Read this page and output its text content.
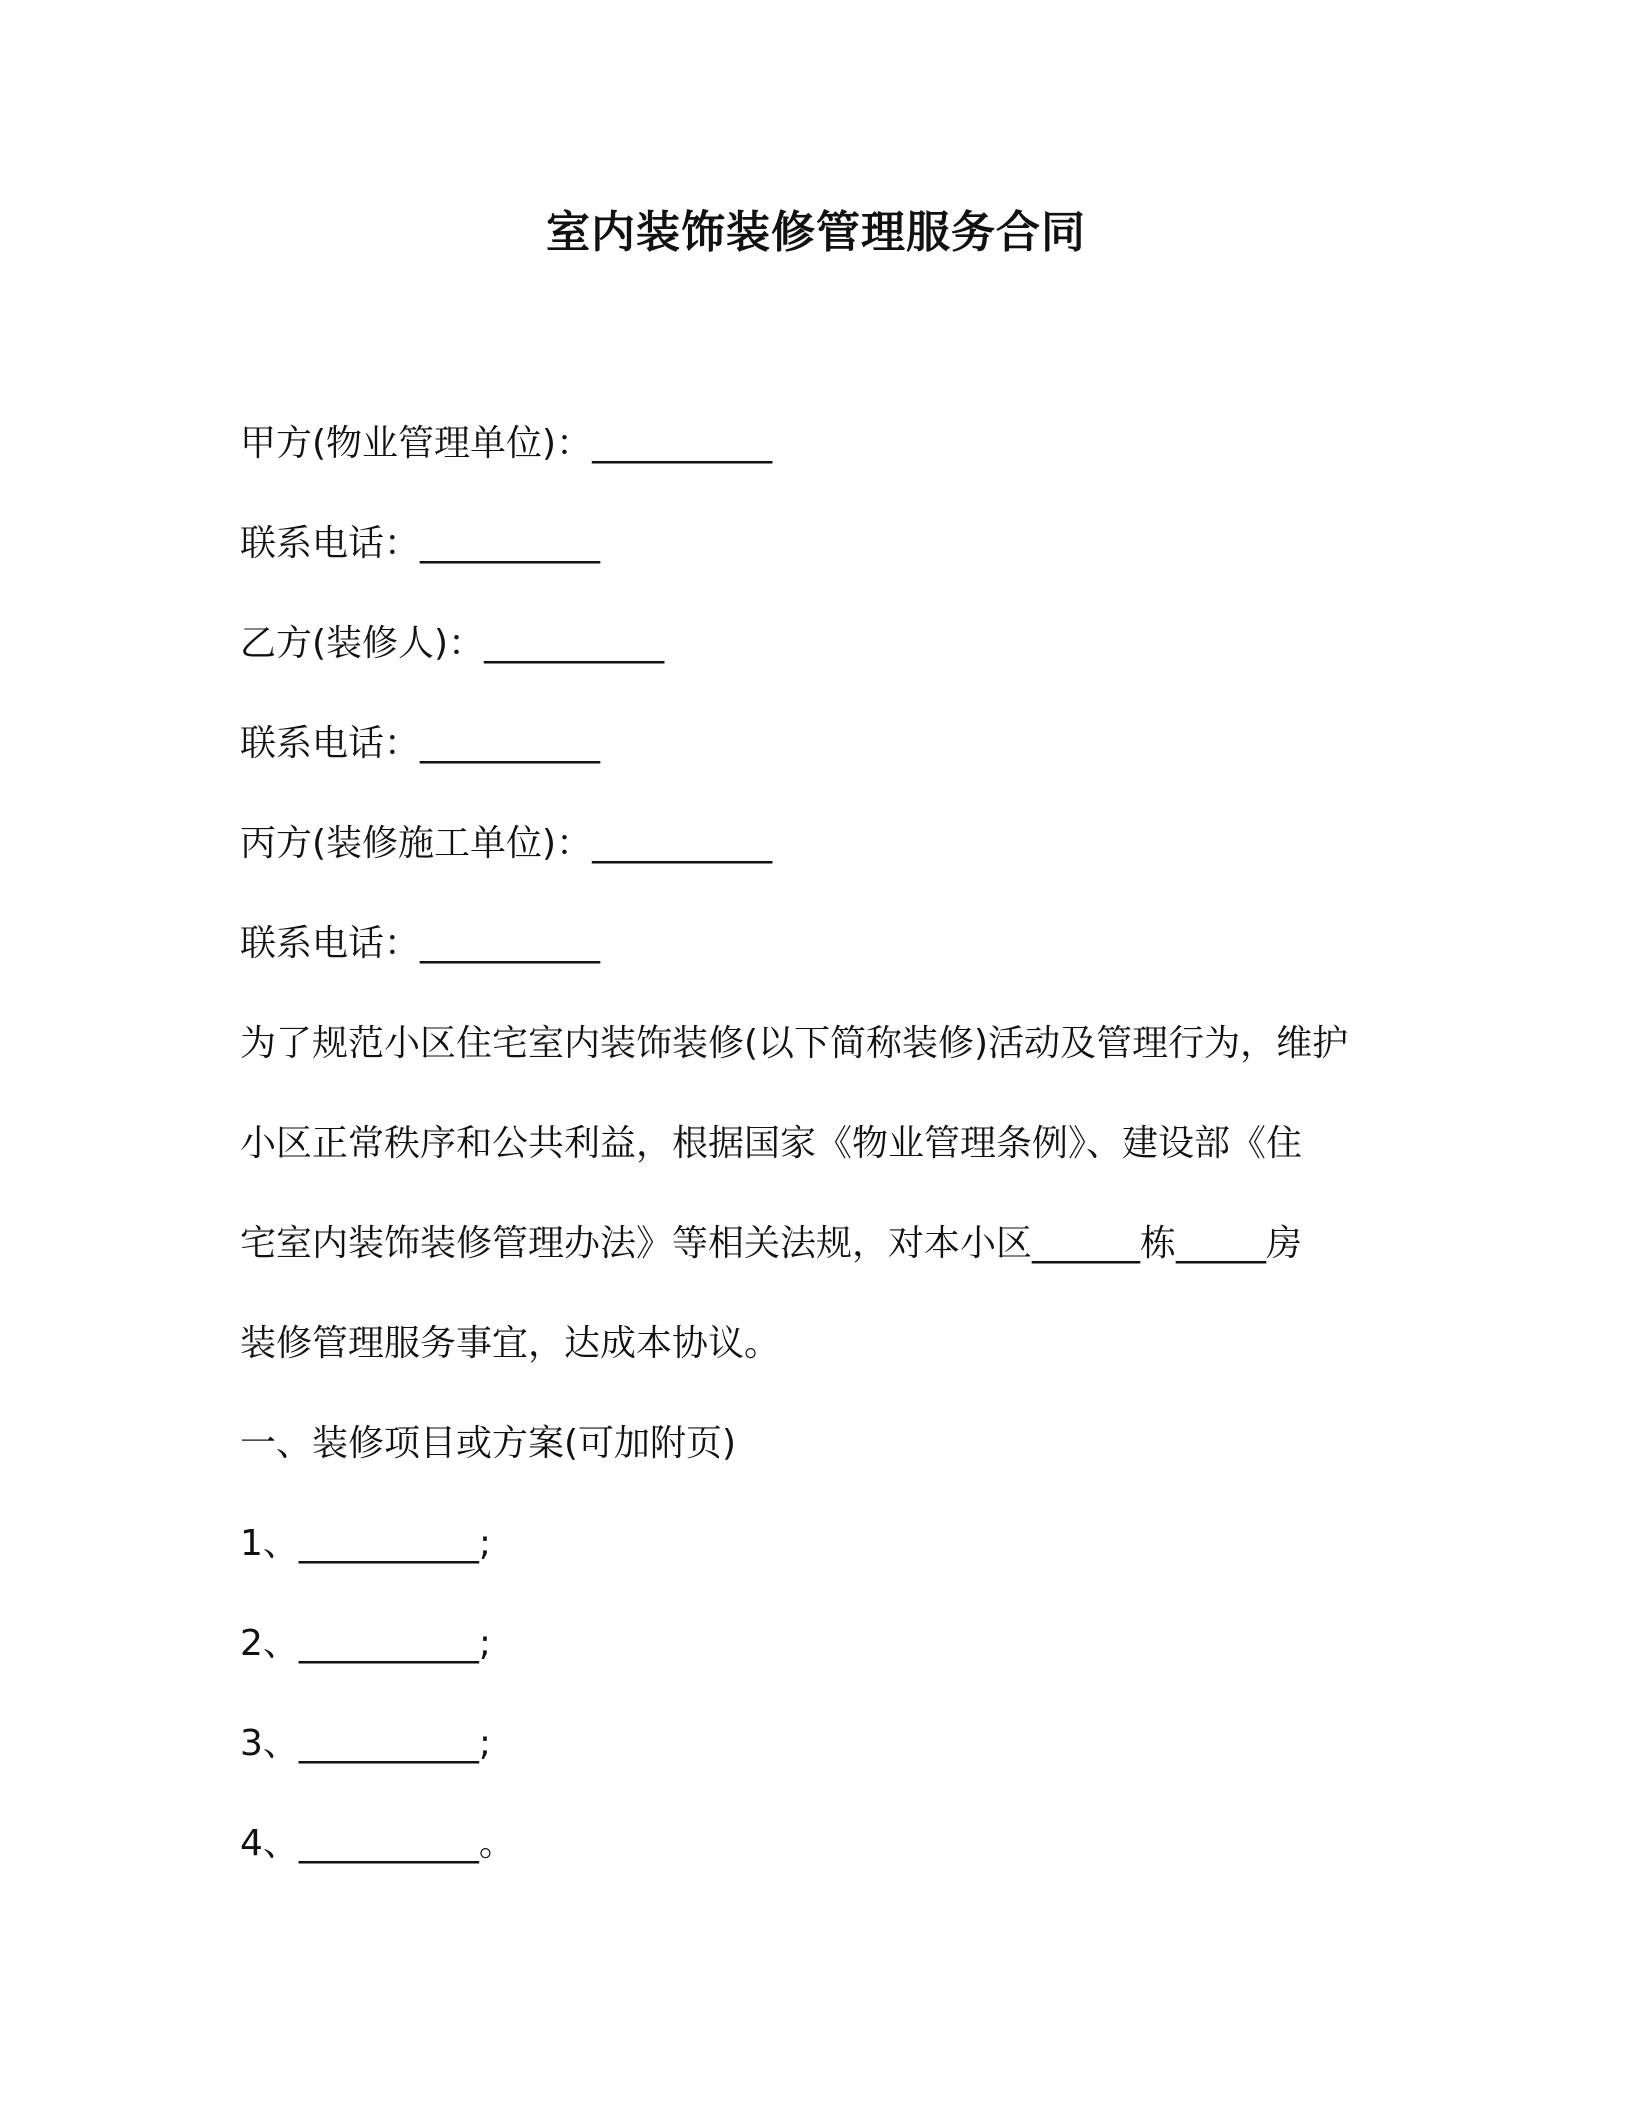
室内装饰装修管理服务合同
甲方(物业管理单位)：__________
联系电话：__________
乙方(装修人)：__________
联系电话：__________
丙方(装修施工单位)：__________
联系电话：__________
为了规范小区住宅室内装饰装修(以下简称装修)活动及管理行为，维护
小区正常秩序和公共利益，根据国家《物业管理条例》、建设部《住
宅室内装饰装修管理办法》等相关法规，对本小区______栋_____房
装修管理服务事宜，达成本协议。
一、装修项目或方案(可加附页)
1、__________;
2、__________;
3、__________;
4、__________。
